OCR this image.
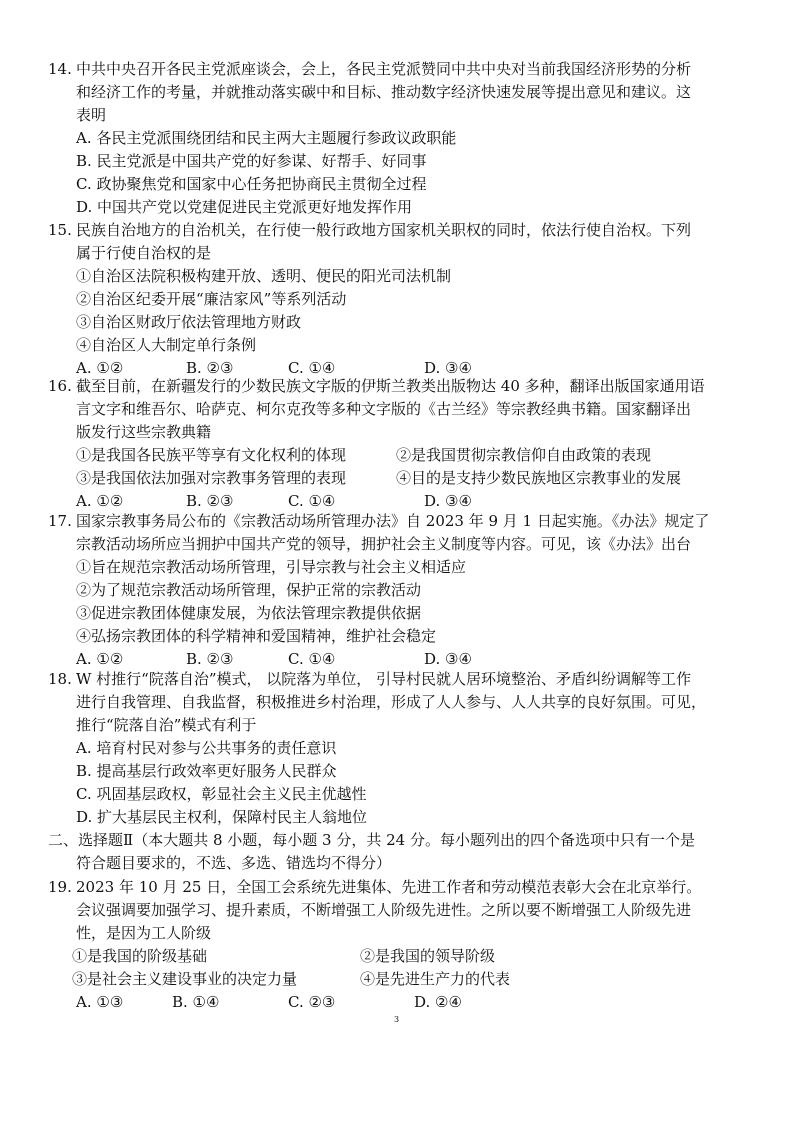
14. 中共中央召开各民主党派座谈会，会上，各民主党派赞同中共中央对当前我国经济形势的分析
和经济工作的考量，并就推动落实碳中和目标、推动数字经济快速发展等提出意见和建议。这
表明
A. 各民主党派围绕团结和民主两大主题履行参政议政职能
B. 民主党派是中国共产党的好参谋、好帮手、好同事
C. 政协聚焦党和国家中心任务把协商民主贯彻全过程
D. 中国共产党以党建促进民主党派更好地发挥作用
15. 民族自治地方的自治机关，在行使一般行政地方国家机关职权的同时，依法行使自治权。下列
属于行使自治权的是
①自治区法院积极构建开放、透明、便民的阳光司法机制
②自治区纪委开展“廉洁家风”等系列活动
③自治区财政厅依法管理地方财政
④自治区人大制定单行条例
A. ①②	B. ②③	C. ①④	D. ③④
16. 截至目前，在新疆发行的少数民族文字版的伊斯兰教类出版物达 40 多种，翻译出版国家通用语
言文字和维吾尔、哈萨克、柯尔克孜等多种文字版的《古兰经》等宗教经典书籍。国家翻译出
版发行这些宗教典籍
①是我国各民族平等享有文化权利的体现	②是我国贯彻宗教信仰自由政策的表现
③是我国依法加强对宗教事务管理的表现	④目的是支持少数民族地区宗教事业的发展
A. ①②	B. ②③	C. ①④	D. ③④
17. 国家宗教事务局公布的《宗教活动场所管理办法》自 2023 年 9 月 1 日起实施。《办法》规定了
宗教活动场所应当拥护中国共产党的领导，拥护社会主义制度等内容。可见，该《办法》出台
①旨在规范宗教活动场所管理，引导宗教与社会主义相适应
②为了规范宗教活动场所管理，保护正常的宗教活动
③促进宗教团体健康发展，为依法管理宗教提供依据
④弘扬宗教团体的科学精神和爱国精神，维护社会稳定
A. ①②	B. ②③	C. ①④	D. ③④
18. W 村推行“院落自治”模式， 以院落为单位， 引导村民就人居环境整治、矛盾纠纷调解等工作
进行自我管理、自我监督，积极推进乡村治理，形成了人人参与、人人共享的良好氛围。可见，
推行“院落自治”模式有利于
A. 培育村民对参与公共事务的责任意识
B. 提高基层行政效率更好服务人民群众
C. 巩固基层政权，彰显社会主义民主优越性
D. 扩大基层民主权利，保障村民主人翁地位
二、选择题Ⅱ（本大题共 8 小题，每小题 3 分，共 24 分。每小题列出的四个备选项中只有一个是
符合题目要求的，不选、多选、错选均不得分）
19. 2023 年 10 月 25 日，全国工会系统先进集体、先进工作者和劳动模范表彰大会在北京举行。
会议强调要加强学习、提升素质，不断增强工人阶级先进性。之所以要不断增强工人阶级先进
性，是因为工人阶级
①是我国的阶级基础	②是我国的领导阶级
③是社会主义建设事业的决定力量	④是先进生产力的代表
A. ①③	B. ①④	C. ②③	D. ②④
3
